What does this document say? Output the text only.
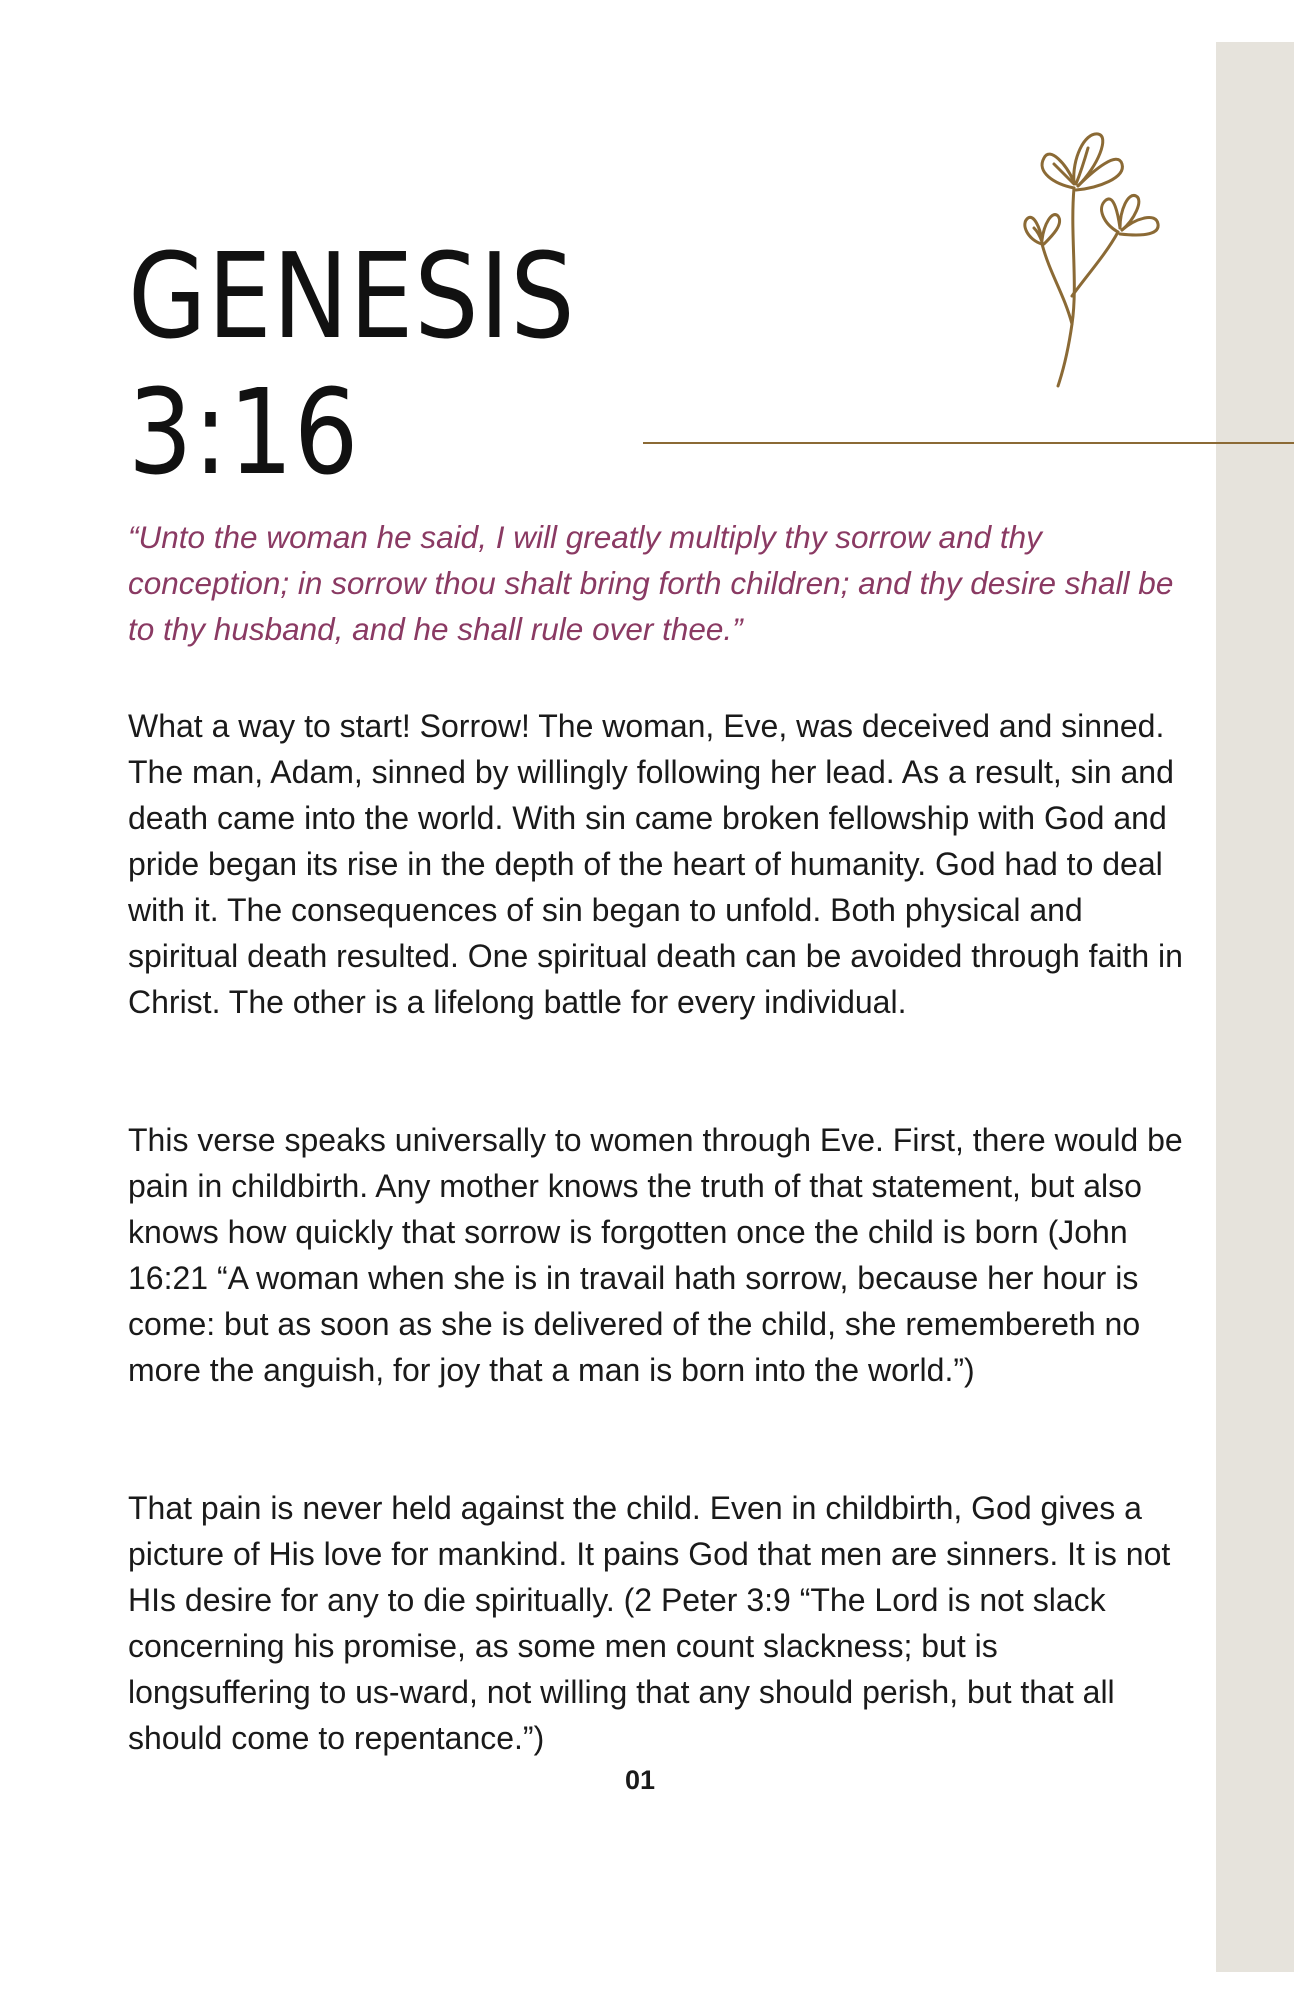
GENESIS
3:16

“Unto the woman he said, I will greatly multiply thy sorrow and thy conception; in sorrow thou shalt bring forth children; and thy desire shall be to thy husband, and he shall rule over thee.”

What a way to start! Sorrow! The woman, Eve, was deceived and sinned. The man, Adam, sinned by willingly following her lead. As a result, sin and death came into the world. With sin came broken fellowship with God and pride began its rise in the depth of the heart of humanity. God had to deal with it. The consequences of sin began to unfold. Both physical and spiritual death resulted. One spiritual death can be avoided through faith in Christ. The other is a lifelong battle for every individual.

This verse speaks universally to women through Eve. First, there would be pain in childbirth. Any mother knows the truth of that statement, but also knows how quickly that sorrow is forgotten once the child is born (John 16:21 “A woman when she is in travail hath sorrow, because her hour is come: but as soon as she is delivered of the child, she remembereth no more the anguish, for joy that a man is born into the world.”)

That pain is never held against the child. Even in childbirth, God gives a picture of His love for mankind. It pains God that men are sinners. It is not HIs desire for any to die spiritually. (2 Peter 3:9 “The Lord is not slack concerning his promise, as some men count slackness; but is longsuffering to us-ward, not willing that any should perish, but that all should come to repentance.”)

01
